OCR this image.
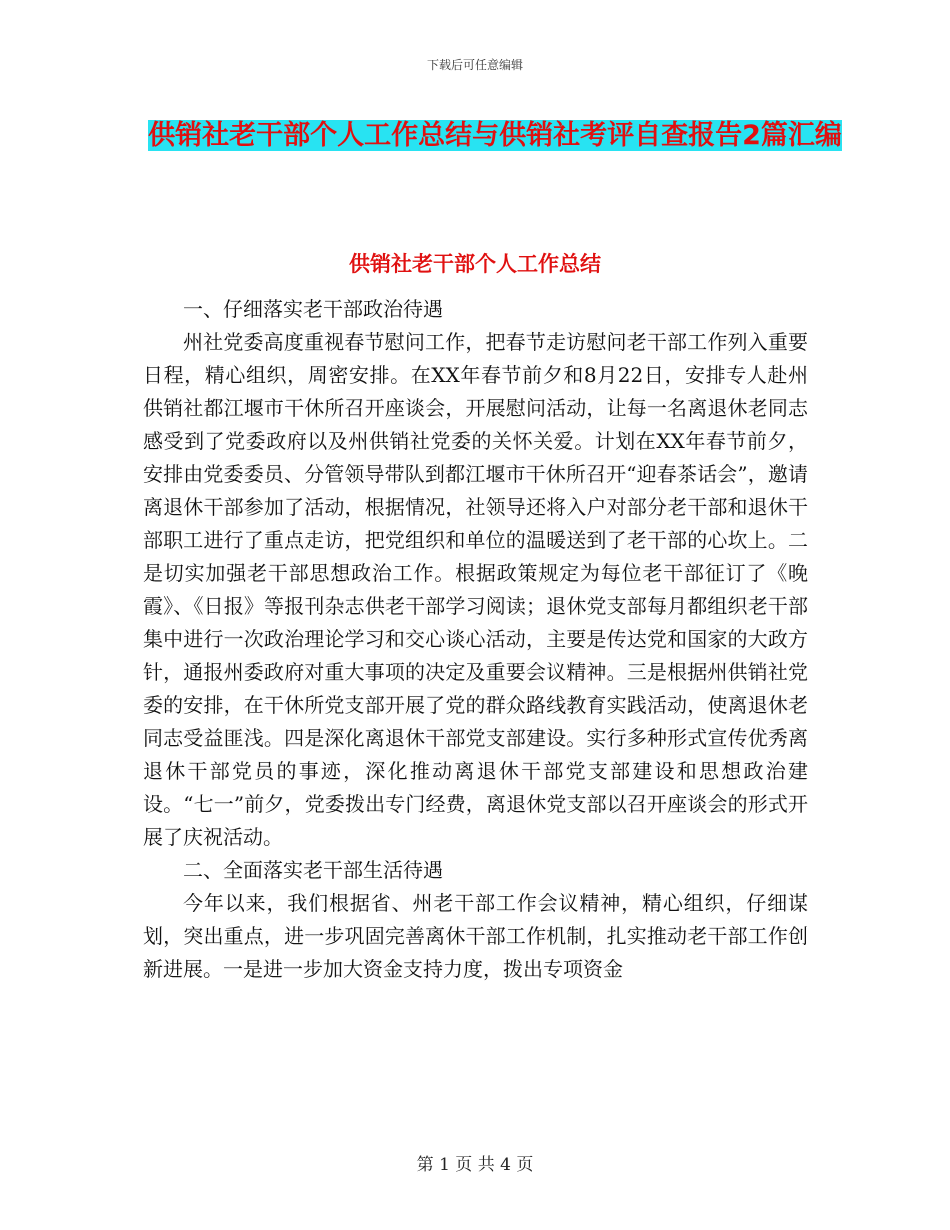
下载后可任意编辑
供销社老干部个人工作总结与供销社考评自查报告2篇汇编
供销社老干部个人工作总结

一、仔细落实老干部政治待遇

州社党委高度重视春节慰问工作，把春节走访慰问老干部工作列入重要日程，精心组织，周密安排。在XX年春节前夕和8月22日，安排专人赴州供销社都江堰市干休所召开座谈会，开展慰问活动，让每一名离退休老同志感受到了党委政府以及州供销社党委的关怀关爱。计划在XX年春节前夕，安排由党委委员、分管领导带队到都江堰市干休所召开“迎春茶话会”，邀请离退休干部参加了活动，根据情况，社领导还将入户对部分老干部和退休干部职工进行了重点走访，把党组织和单位的温暖送到了老干部的心坎上。二是切实加强老干部思想政治工作。根据政策规定为每位老干部征订了《晚霞》、《日报》等报刊杂志供老干部学习阅读；退休党支部每月都组织老干部集中进行一次政治理论学习和交心谈心活动，主要是传达党和国家的大政方针，通报州委政府对重大事项的决定及重要会议精神。三是根据州供销社党委的安排，在干休所党支部开展了党的群众路线教育实践活动，使离退休老同志受益匪浅。四是深化离退休干部党支部建设。实行多种形式宣传优秀离退休干部党员的事迹，深化推动离退休干部党支部建设和思想政治建设。“七一”前夕，党委拨出专门经费，离退休党支部以召开座谈会的形式开展了庆祝活动。

二、全面落实老干部生活待遇

今年以来，我们根据省、州老干部工作会议精神，精心组织，仔细谋划，突出重点，进一步巩固完善离休干部工作机制，扎实推动老干部工作创新进展。一是进一步加大资金支持力度，拨出专项资金

第 1 页 共 4 页
